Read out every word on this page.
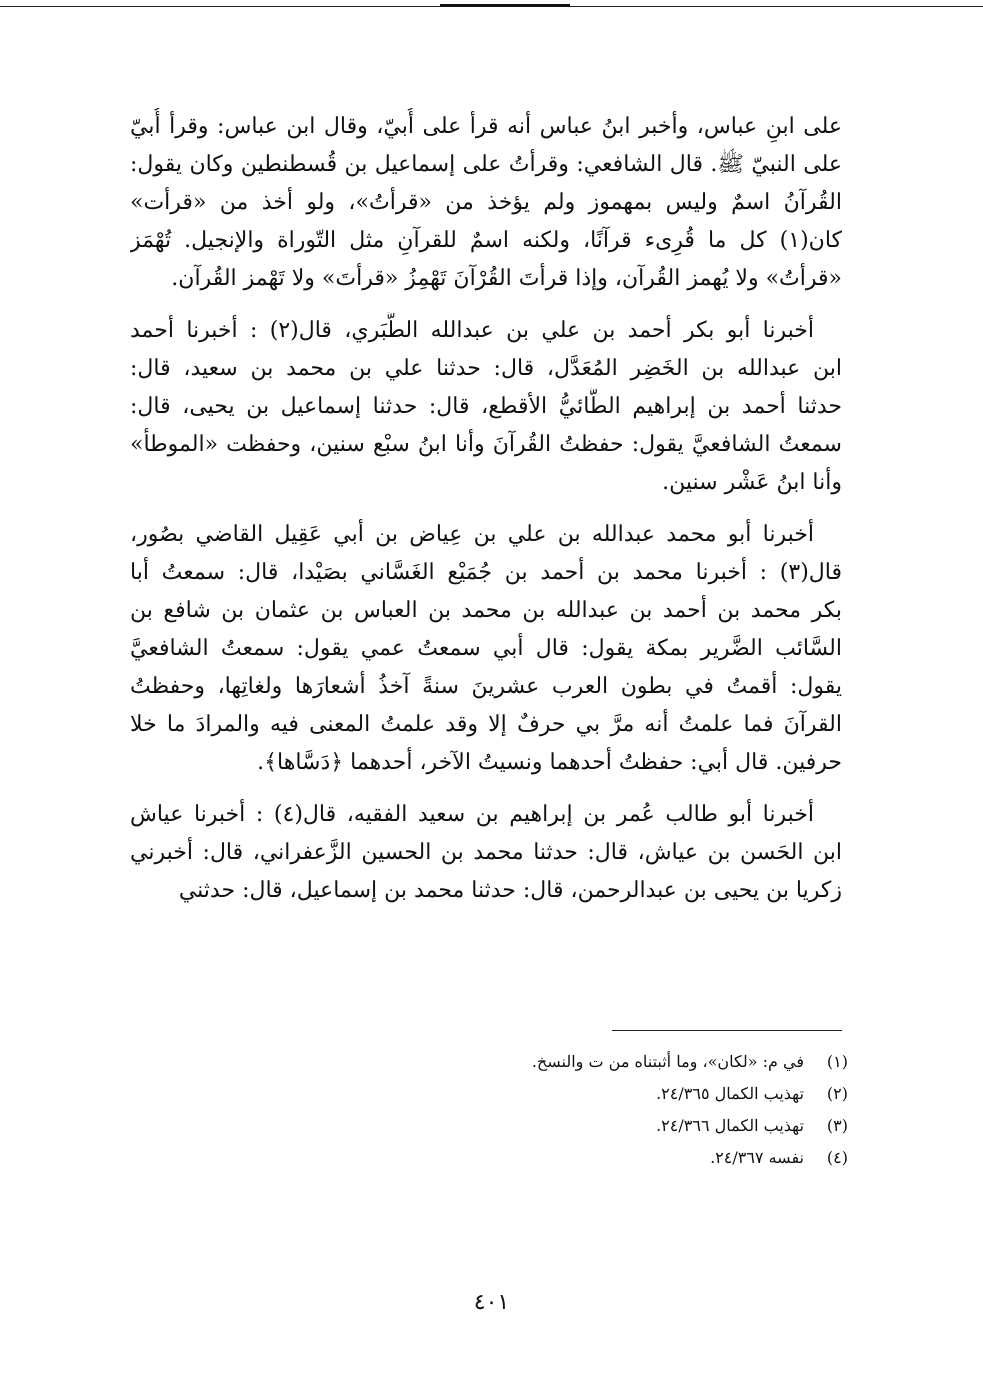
على ابنِ عباس، وأخبر ابنُ عباس أنه قرأ على أُبيّ، وقال ابن عباس: وقرأ أُبيّ
على النبيّ ﷺ. قال الشافعي: وقرأتُ على إسماعيل بن قُسطنطين وكان يقول:
القُرآنُ اسمٌ وليس بمهموز ولم يؤخذ من «قرأتُ»، ولو أخذ من «قرأت»
كان(١) كل ما قُرِىء قرآنًا، ولكنه اسمٌ للقرآنِ مثل التّوراة والإنجيل. تُهْمَز
«قرأتُ» ولا يُهمز القُرآن، وإذا قرأتَ القُرْآنَ تَهْمِزُ «قرأتَ» ولا تَهْمز القُرآن.
أخبرنا أبو بكر أحمد بن علي بن عبدالله الطَّبَري، قال(٢) : أخبرنا أحمد
ابن عبدالله بن الخَضِر المُعَدَّل، قال: حدثنا علي بن محمد بن سعيد، قال:
حدثنا أحمد بن إبراهيم الطَّائيُّ الأقطع، قال: حدثنا إسماعيل بن يحيى، قال:
سمعتُ الشافعيَّ يقول: حفظتُ القُرآنَ وأنا ابنُ سبْع سنين، وحفظت «الموطأ»
وأنا ابنُ عَشْر سنين.
أخبرنا أبو محمد عبدالله بن علي بن عِياض بن أبي عَقِيل القاضي بصُور،
قال(٣) : أخبرنا محمد بن أحمد بن جُمَيْع الغَسَّاني بصَيْدا، قال: سمعتُ أبا
بكر محمد بن أحمد بن عبدالله بن محمد بن العباس بن عثمان بن شافع بن
السَّائب الضَّرير بمكة يقول: قال أبي سمعتُ عمي يقول: سمعتُ الشافعيَّ
يقول: أقمتُ في بطون العرب عشرينَ سنةً آخذُ أشعارَها ولغاتِها، وحفظتُ
القرآنَ فما علمتُ أنه مرَّ بي حرفٌ إلا وقد علمتُ المعنى فيه والمرادَ ما خلا
حرفين. قال أبي: حفظتُ أحدهما ونسيتُ الآخر، أحدهما ﴿دَسَّاها﴾.
أخبرنا أبو طالب عُمر بن إبراهيم بن سعيد الفقيه، قال(٤) : أخبرنا عياش
ابن الحَسن بن عياش، قال: حدثنا محمد بن الحسين الزَّعفراني، قال: أخبرني
زكريا بن يحيى بن عبدالرحمن، قال: حدثنا محمد بن إسماعيل، قال: حدثني
(١)في م: «لكان»، وما أثبتناه من ت والنسخ.
(٢)تهذيب الكمال ٢٤/٣٦٥.
(٣)تهذيب الكمال ٢٤/٣٦٦.
(٤)نفسه ٢٤/٣٦٧.
٤٠١
